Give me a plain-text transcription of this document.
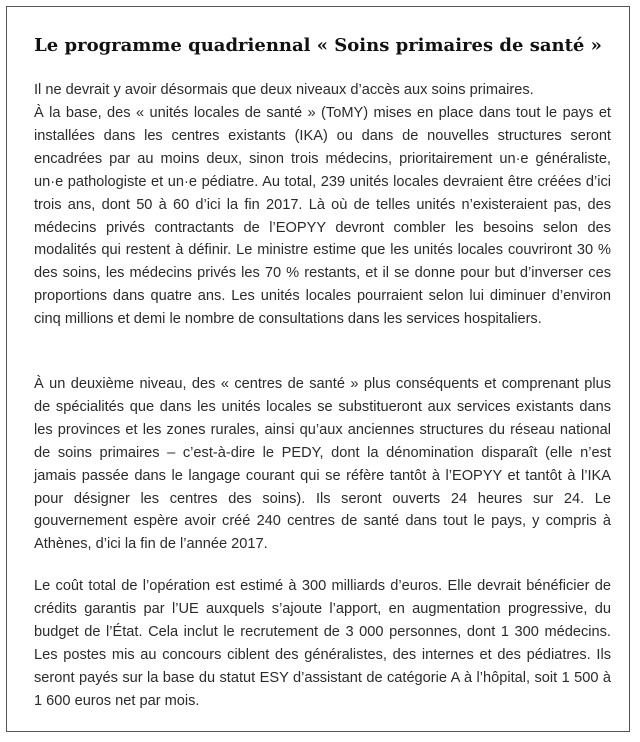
Le programme quadriennal « Soins primaires de santé »

Il ne devrait y avoir désormais que deux niveaux d’accès aux soins primaires.

À la base, des « unités locales de santé » (ToMY) mises en place dans tout le pays et installées dans les centres existants (IKA) ou dans de nouvelles structures seront encadrées par au moins deux, sinon trois médecins, prioritairement un·e généraliste, un·e pathologiste et un·e pédiatre. Au total, 239 unités locales devraient être créées d’ici trois ans, dont 50 à 60 d’ici la fin 2017. Là où de telles unités n’existeraient pas, des médecins privés contractants de l’EOPYY devront combler les besoins selon des modalités qui restent à définir. Le ministre estime que les unités locales couvriront 30 % des soins, les médecins privés les 70 % restants, et il se donne pour but d’inverser ces proportions dans quatre ans. Les unités locales pourraient selon lui diminuer d’environ cinq millions et demi le nombre de consultations dans les services hospitaliers.

À un deuxième niveau, des « centres de santé » plus conséquents et comprenant plus de spécialités que dans les unités locales se substitueront aux services existants dans les provinces et les zones rurales, ainsi qu’aux anciennes structures du réseau national de soins primaires – c’est-à-dire le PEDY, dont la dénomination disparaît (elle n’est jamais passée dans le langage courant qui se réfère tantôt à l’EOPYY et tantôt à l’IKA pour désigner les centres des soins). Ils seront ouverts 24 heures sur 24. Le gouvernement espère avoir créé 240 centres de santé dans tout le pays, y compris à Athènes, d’ici la fin de l’année 2017.

Le coût total de l’opération est estimé à 300 milliards d’euros. Elle devrait bénéficier de crédits garantis par l’UE auxquels s’ajoute l’apport, en augmentation progressive, du budget de l’État. Cela inclut le recrutement de 3 000 personnes, dont 1 300 médecins. Les postes mis au concours ciblent des généralistes, des internes et des pédiatres. Ils seront payés sur la base du statut ESY d’assistant de catégorie A à l’hôpital, soit 1 500 à 1 600 euros net par mois.
